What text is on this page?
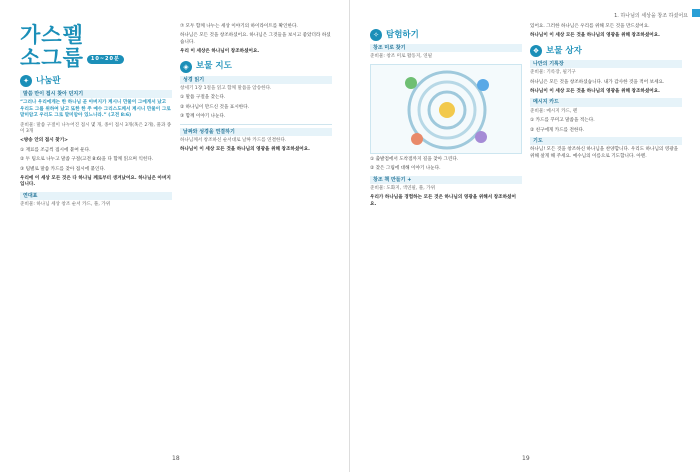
가스펠
소그룹 10~20분
✦ 나눔판
말씀 만이 접시 찾아 던지기
“그러나 우리에게는 한 하나님 곧 아버지가 계시니 만물이 그에게서 났고 우리도 그를 위하여 났고 또한 한 주 예수 그리스도께서 계시니 만물이 그로 말미암고 우리도 그로 말미암아 있느니라.” (고전 8:6)
준비물: 말씀 구절이 나누어진 접시 몇 개, 종이 접시 3개(혹은 2개), 풀과 종이 3개
<방송 안의 접시 찾기>
① 재료를 조금씩 접시에 붙여 둔다.
② 두 팀으로 나누고 말씀 구절(고전 8:6)을 다 함께 읽으며 익힌다.
③ 팀별로 말씀 카드를 찾아 접시에 붙인다.
우리에 이 세상 모든 것은 다 하나님 께로부터 생겨났어요. 하나님은 아버지입니다.
연대표
준비물: 하나님 세상 창조 순서 카드, 풀, 가위
⑦ 모두 함께 나누는 세상 이야기의 하이라이트를 확인한다.
하나님은 모든 것을 창조하셨어요. 하나님은 그것들을 보시고 좋았더라 하셨습니다.
우리 이 세상은 하나님이 창조하셨어요.
◈ 보물 지도
성경 읽기
창세기 1장 1절을 읽고 함께 말씀을 암송한다.
① 말씀 구절을 찾는다.
② 하나님이 만드신 것을 표시한다.
③ 함께 이야기 나눈다.
날짜와 성경을 연결하기
하나님께서 창조하신 순서대로 날짜 카드를 연결한다.
하나님이 이 세상 모든 것을 하나님의 영광을 위해 창조하셨어요.
18
1. 하나님의 세상을 창조 하셨어요
✧ 탐험하기
창조 미로 찾기
준비물: 창조 미로 활동지, 연필
① 출발점에서 도착점까지 길을 찾아 그린다.
② 찾은 그림에 대해 이야기 나눈다.
창조 책 만들기 +
준비물: 도화지, 색연필, 풀, 가위
우리가 하나님을 경험하는 모든 것은 하나님의 영광을 위해서 창조하셨어요.
있어요. 그러한 하나님은 우리를 위해 모든 것을 만드셨어요.
하나님이 이 세상 모든 것을 하나님의 영광을 위해 창조하셨어요.
❖ 보물 상자
나만의 기록장
준비물: 기록장, 필기구
하나님은 모든 것을 창조하셨습니다. 내가 감사한 것을 적어 보세요.
하나님이 이 세상 모든 것을 하나님의 영광을 위해 창조하셨어요.
메시지 카드
준비물: 메시지 카드, 펜
① 카드를 꾸미고 말씀을 적는다.
② 친구에게 카드를 전한다.
기도
하나님! 모든 것을 창조하신 하나님을 찬양합니다. 우리도 하나님의 영광을 위해 살게 해 주세요. 예수님의 이름으로 기도합니다. 아멘.
19
